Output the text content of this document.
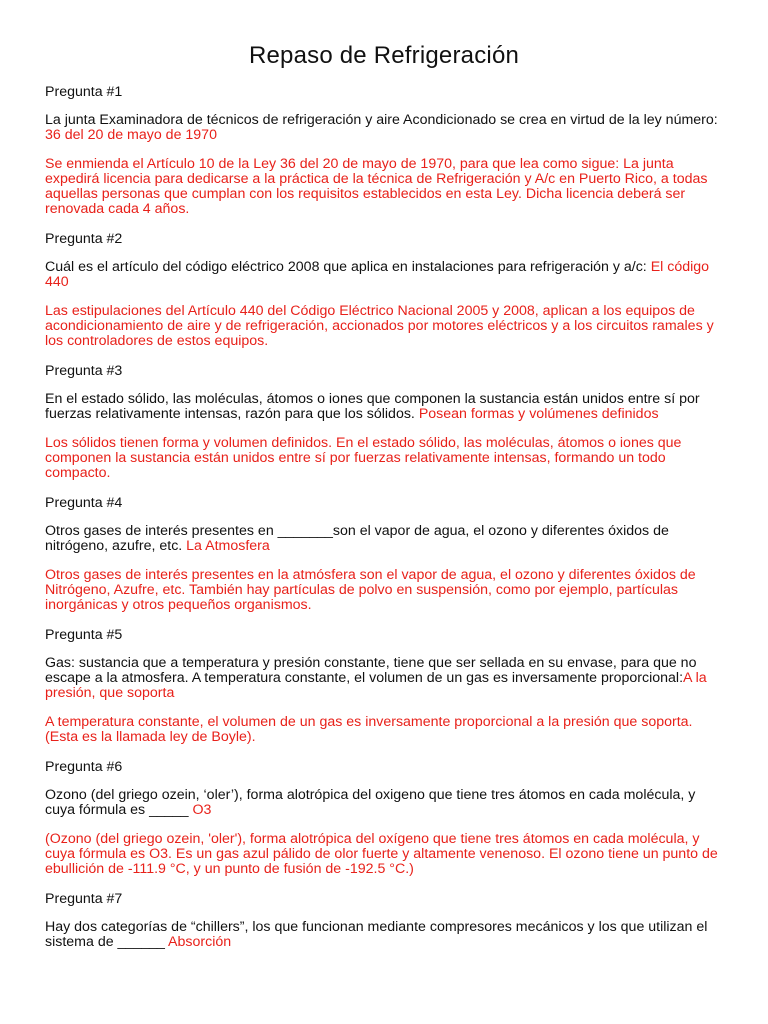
Repaso de Refrigeración

Pregunta #1

La junta Examinadora de técnicos de refrigeración y aire Acondicionado se crea en virtud de la ley número: 36 del 20 de mayo de 1970

Se enmienda el Artículo 10 de la Ley 36 del 20 de mayo de 1970, para que lea como sigue: La junta expedirá licencia para dedicarse a la práctica de la técnica de Refrigeración y A/c en Puerto Rico, a todas aquellas personas que cumplan con los requisitos establecidos en esta Ley. Dicha licencia deberá ser renovada cada 4 años.

Pregunta #2

Cuál es el artículo del código eléctrico 2008 que aplica en instalaciones para refrigeración y a/c: El código 440

Las estipulaciones del Artículo 440 del Código Eléctrico Nacional 2005 y 2008, aplican a los equipos de acondicionamiento de aire y de refrigeración, accionados por motores eléctricos y a los circuitos ramales y los controladores de estos equipos.

Pregunta #3

En el estado sólido, las moléculas, átomos o iones que componen la sustancia están unidos entre sí por fuerzas relativamente intensas, razón para que los sólidos. Posean formas y volúmenes definidos

Los sólidos tienen forma y volumen definidos. En el estado sólido, las moléculas, átomos o iones que componen la sustancia están unidos entre sí por fuerzas relativamente intensas, formando un todo compacto.

Pregunta #4

Otros gases de interés presentes en _______son el vapor de agua, el ozono y diferentes óxidos de nitrógeno, azufre, etc. La Atmosfera

Otros gases de interés presentes en la atmósfera son el vapor de agua, el ozono y diferentes óxidos de Nitrógeno, Azufre, etc. También hay partículas de polvo en suspensión, como por ejemplo, partículas inorgánicas y otros pequeños organismos.

Pregunta #5

Gas: sustancia que a temperatura y presión constante, tiene que ser sellada en su envase, para que no escape a la atmosfera. A temperatura constante, el volumen de un gas es inversamente proporcional:A la presión, que soporta

A temperatura constante, el volumen de un gas es inversamente proporcional a la presión que soporta. (Esta es la llamada ley de Boyle).

Pregunta #6

Ozono (del griego ozein, ‘oler’), forma alotrópica del oxigeno que tiene tres átomos en cada molécula, y cuya fórmula es _____ O3

(Ozono (del griego ozein, 'oler'), forma alotrópica del oxígeno que tiene tres átomos en cada molécula, y cuya fórmula es O3. Es un gas azul pálido de olor fuerte y altamente venenoso. El ozono tiene un punto de ebullición de -111.9 °C, y un punto de fusión de -192.5 °C.)

Pregunta #7

Hay dos categorías de “chillers”, los que funcionan mediante compresores mecánicos y los que utilizan el sistema de ______ Absorción
